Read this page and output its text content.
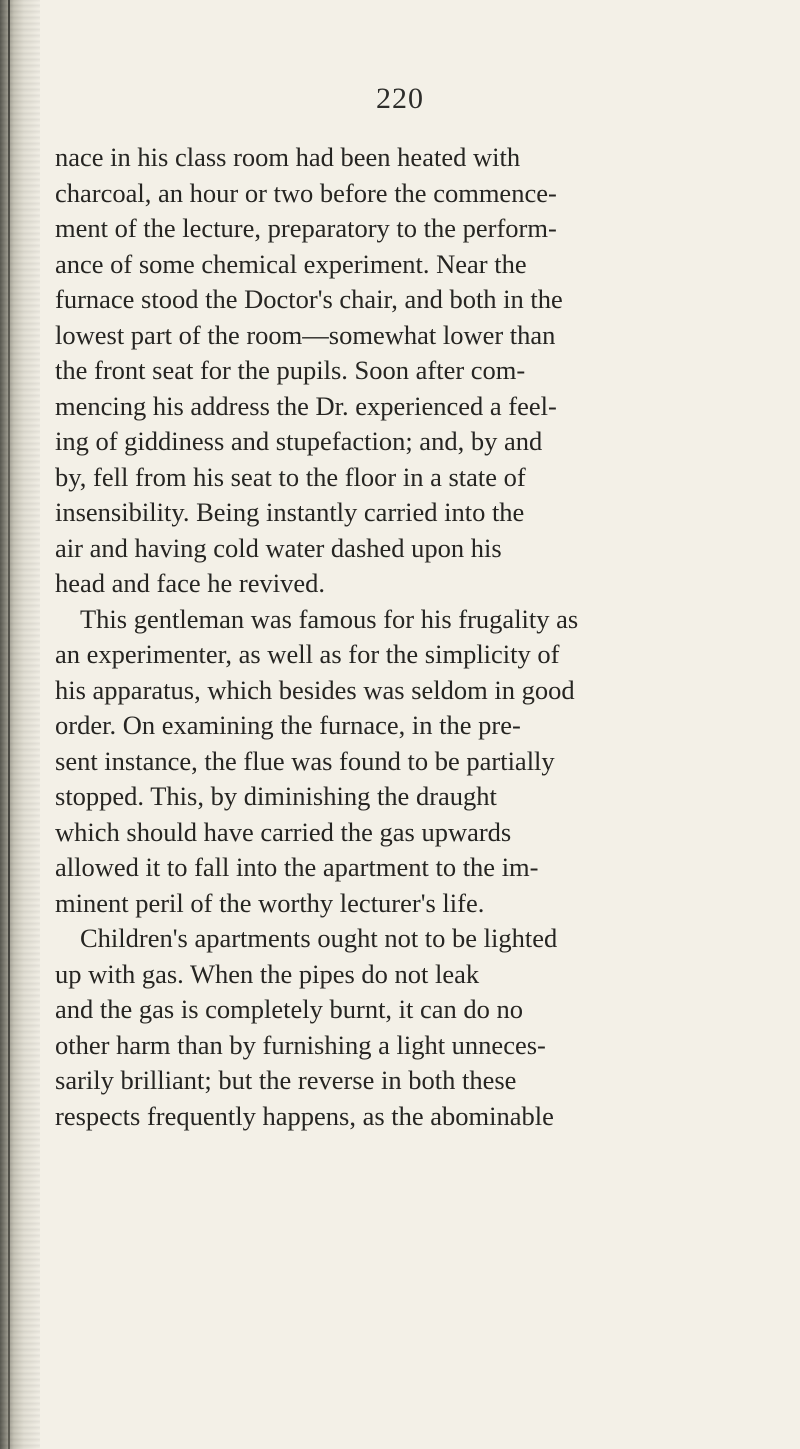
220
nace in his class room had been heated with
charcoal, an hour or two before the commence-
ment of the lecture, preparatory to the perform-
ance of some chemical experiment. Near the
furnace stood the Doctor's chair, and both in the
lowest part of the room—somewhat lower than
the front seat for the pupils. Soon after com-
mencing his address the Dr. experienced a feel-
ing of giddiness and stupefaction; and, by and
by, fell from his seat to the floor in a state of
insensibility. Being instantly carried into the
air and having cold water dashed upon his
head and face he revived.
This gentleman was famous for his frugality as
an experimenter, as well as for the simplicity of
his apparatus, which besides was seldom in good
order. On examining the furnace, in the pre-
sent instance, the flue was found to be partially
stopped. This, by diminishing the draught
which should have carried the gas upwards
allowed it to fall into the apartment to the im-
minent peril of the worthy lecturer's life.
Children's apartments ought not to be lighted
up with gas. When the pipes do not leak
and the gas is completely burnt, it can do no
other harm than by furnishing a light unneces-
sarily brilliant; but the reverse in both these
respects frequently happens, as the abominable
